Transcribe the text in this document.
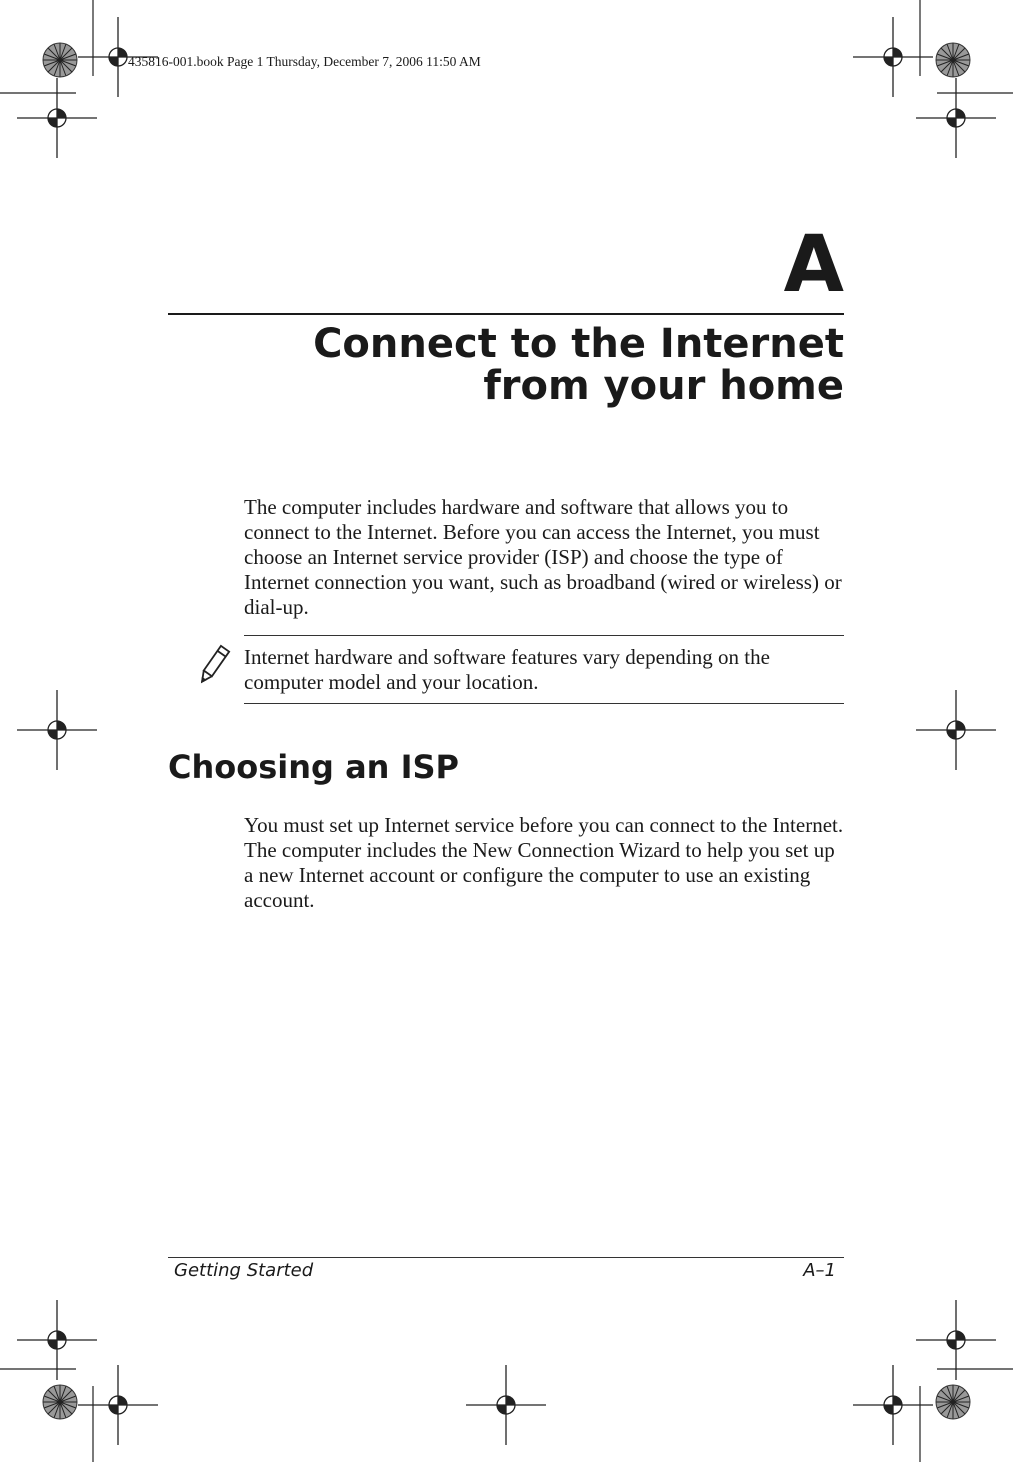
435816-001.book Page 1 Thursday, December 7, 2006 11:50 AM
A
Connect to the Internet
from your home
The computer includes hardware and software that allows you to connect to the Internet. Before you can access the Internet, you must choose an Internet service provider (ISP) and choose the type of Internet connection you want, such as broadband (wired or wireless) or dial-up.
Internet hardware and software features vary depending on the computer model and your location.
Choosing an ISP
You must set up Internet service before you can connect to the Internet. The computer includes the New Connection Wizard to help you set up a new Internet account or configure the computer to use an existing account.
Getting Started	A–1
